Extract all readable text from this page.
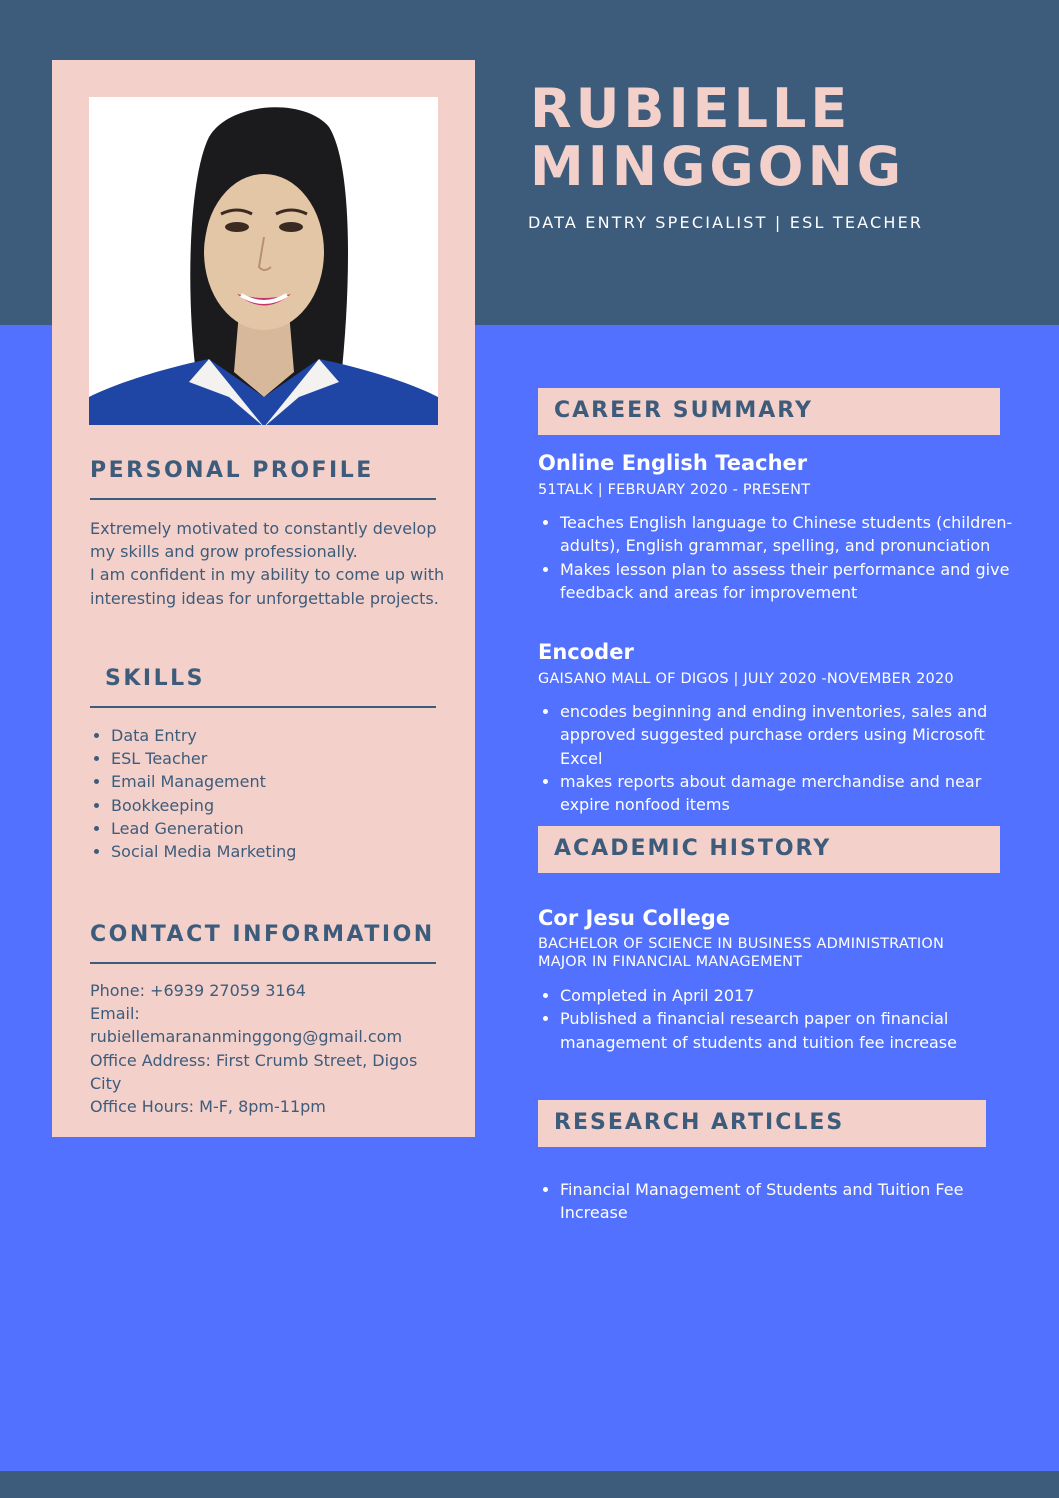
PERSONAL PROFILE

Extremely motivated to constantly develop my skills and grow professionally.

I am confident in my ability to come up with interesting ideas for unforgettable projects.

SKILLS
• Data Entry
• ESL Teacher
• Email Management
• Bookkeeping
• Lead Generation
• Social Media Marketing
CONTACT INFORMATION

Phone: +6939 27059 3164

Email:

rubiellemarananminggong@gmail.com

Office Address: First Crumb Street, Digos City

Office Hours: M-F, 8pm-11pm

RUBIELLE
MINGGONG
DATA ENTRY SPECIALIST | ESL TEACHER
CAREER SUMMARY
Online English Teacher
51TALK | FEBRUARY 2020 - PRESENT
• Teaches English language to Chinese students (children-adults), English grammar, spelling, and pronunciation
• Makes lesson plan to assess their performance and give feedback and areas for improvement
Encoder
GAISANO MALL OF DIGOS | JULY 2020 -NOVEMBER 2020
• encodes beginning and ending inventories, sales and approved suggested purchase orders using Microsoft Excel
• makes reports about damage merchandise and near expire nonfood items
ACADEMIC HISTORY
Cor Jesu College
BACHELOR OF SCIENCE IN BUSINESS ADMINISTRATION
MAJOR IN FINANCIAL MANAGEMENT
• Completed in April 2017
• Published a financial research paper on financial management of students and tuition fee increase
RESEARCH ARTICLES
• Financial Management of Students and Tuition Fee Increase
